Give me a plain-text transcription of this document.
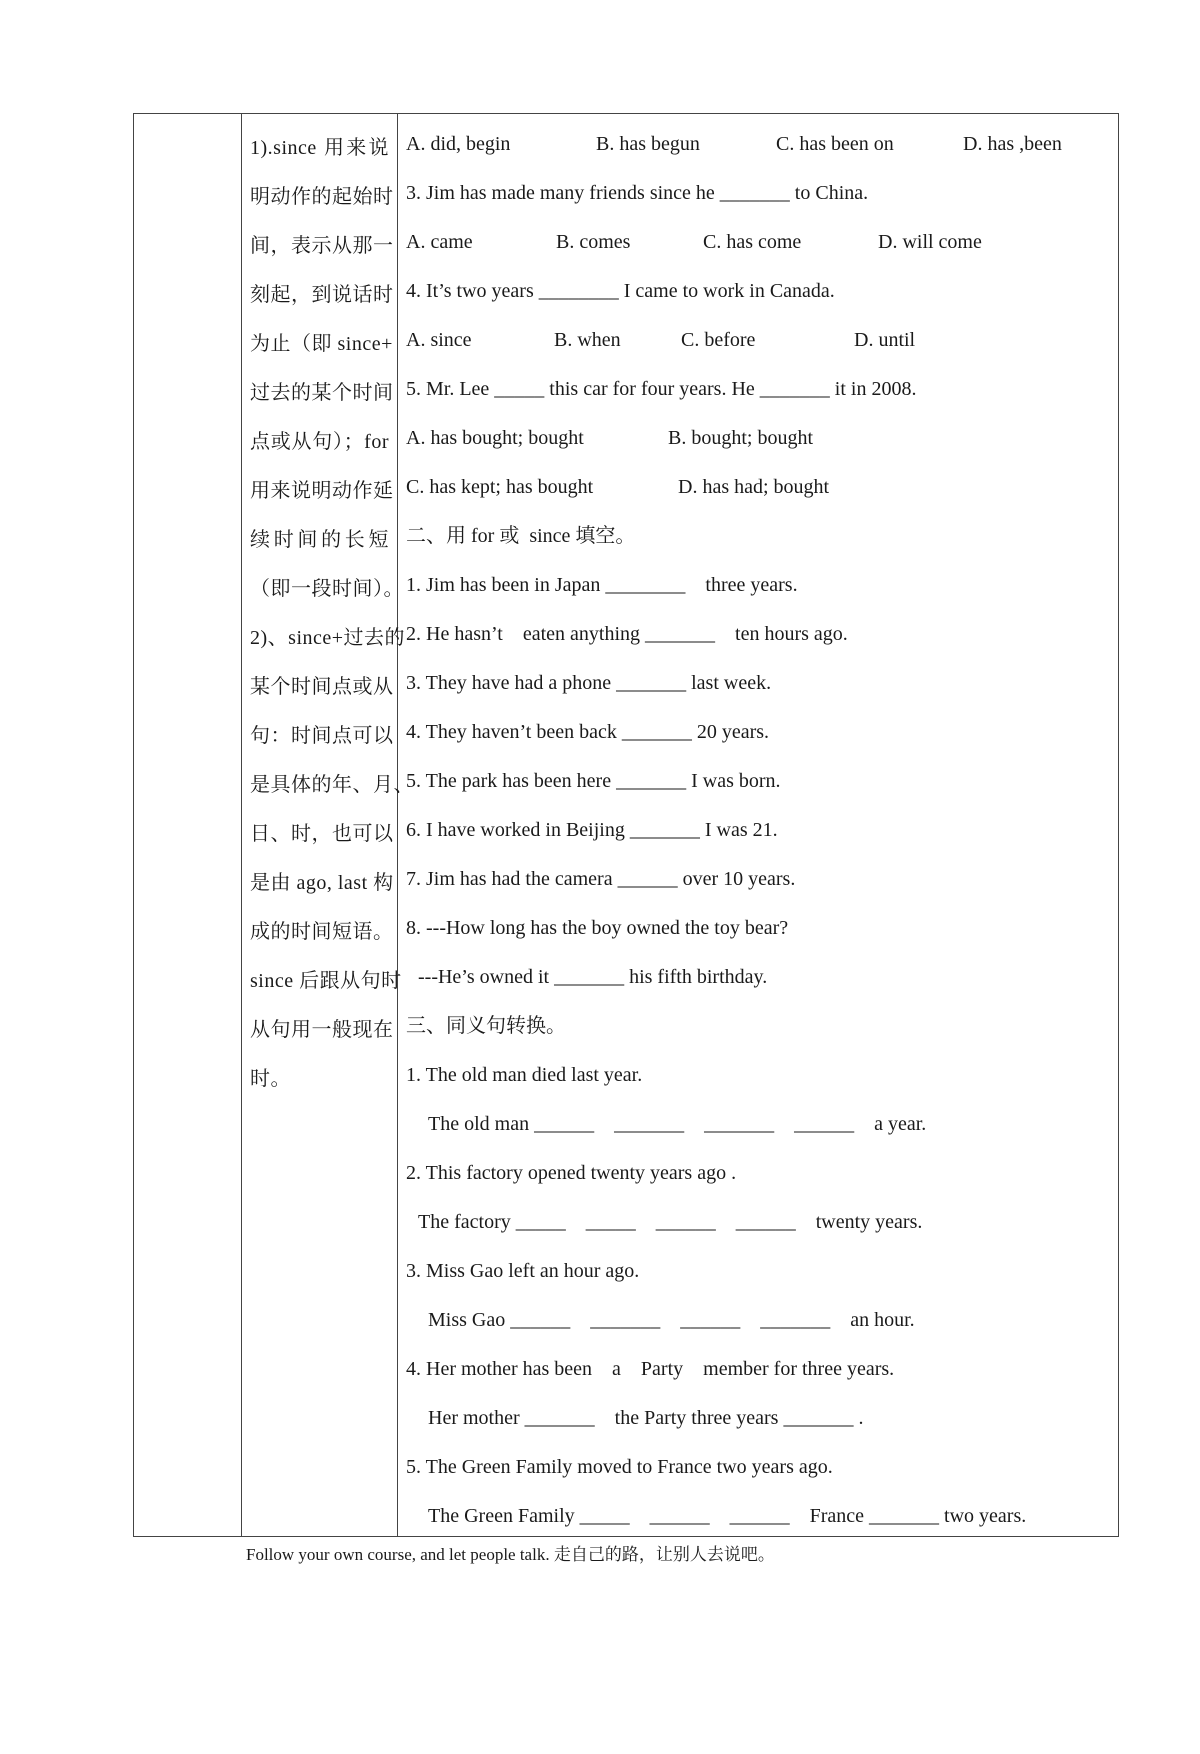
1).since 用来说
明动作的起始时
间，表示从那一
刻起，到说话时
为止（即 since+
过去的某个时间
点或从句）；for
用来说明动作延
续时间的长短
（即一段时间）。
2)、since+过去的
某个时间点或从
句：时间点可以
是具体的年、月、
日、时，也可以
是由 ago, last 构
成的时间短语。
since 后跟从句时
从句用一般现在
时。

A. did, begin

	B. has begun

	C. has been on

	D. has ,been

3. Jim has made many friends since he _______ to China.

A. came

	B. comes

	C. has come

	D. will come

4. It’s two years ________ I came to work in Canada.

A. since

	B. when

	C. before

	D. until

5. Mr. Lee _____ this car for four years. He _______ it in 2008.

A. has bought; bought

	B. bought; bought

C. has kept; has bought

	D. has had; bought

二、用 for 或  since 填空。
1. Jim has been in Japan ________    three years.
2. He hasn’t    eaten anything _______    ten hours ago.
3. They have had a phone _______ last week.
4. They haven’t been back _______ 20 years.
5. The park has been here _______ I was born.
6. I have worked in Beijing _______ I was 21.
7. Jim has had the camera ______ over 10 years.
8. ---How long has the boy owned the toy bear?
---He’s owned it _______ his fifth birthday.
三、同义句转换。
1. The old man died last year.
The old man ______    _______    _______    ______    a year.
2. This factory opened twenty years ago .
The factory _____    _____    ______    ______    twenty years.
3. Miss Gao left an hour ago.
Miss Gao ______    _______    ______    _______    an hour.
4. Her mother has been    a    Party    member for three years.
Her mother _______    the Party three years _______ .
5. The Green Family moved to France two years ago.
The Green Family _____    ______    ______    France _______ two years.
Follow your own course, and let people talk. 走自己的路，让别人去说吧。
